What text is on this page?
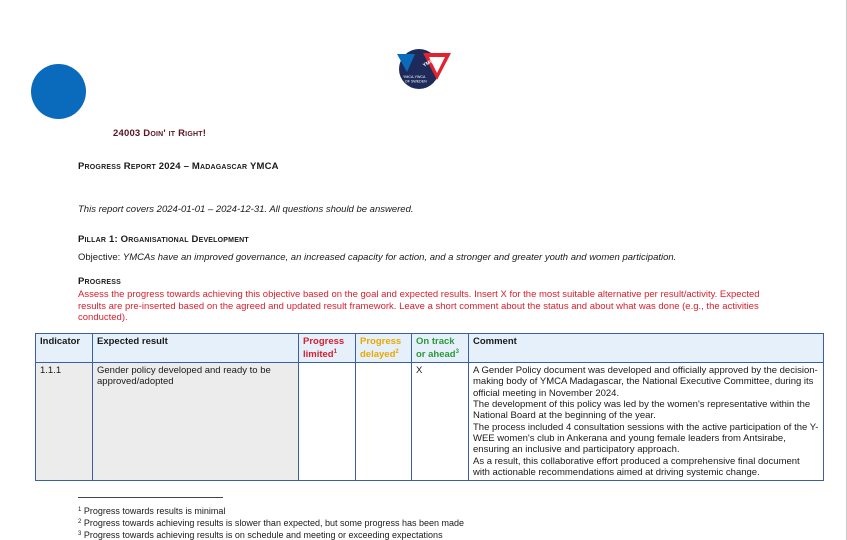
YMCA
YMCA-YWCA
OF SWEDEN
24003 Doin' it Right!
Progress Report 2024 – Madagascar YMCA
This report covers 2024-01-01 – 2024-12-31. All questions should be answered.
Pillar 1: Organisational Development
Objective: YMCAs have an improved governance, an increased capacity for action, and a stronger and greater youth and women participation.
Progress
Assess the progress towards achieving this objective based on the goal and expected results. Insert X for the most suitable alternative per result/activity. Expected results are pre-inserted based on the agreed and updated result framework. Leave a short comment about the status and about what was done (e.g., the activities conducted).
Indicator	Expected result	Progress limited$^1$	Progress delayed$^2$	On track or ahead$^3$	Comment
1.1.1	Gender policy developed and ready to be approved/adopted			X	A Gender Policy document was developed and officially approved by the decision-making body of YMCA Madagascar, the National Executive Committee, during its official meeting in November 2024.
The development of this policy was led by the women's representative within the National Board at the beginning of the year.
The process included 4 consultation sessions with the active participation of the Y-WEE women's club in Ankerana and young female leaders from Antsirabe, ensuring an inclusive and participatory approach.
As a result, this collaborative effort produced a comprehensive final document with actionable recommendations aimed at driving systemic change.
$^1$ Progress towards results is minimal
$^2$ Progress towards achieving results is slower than expected, but some progress has been made
$^3$ Progress towards achieving results is on schedule and meeting or exceeding expectations
